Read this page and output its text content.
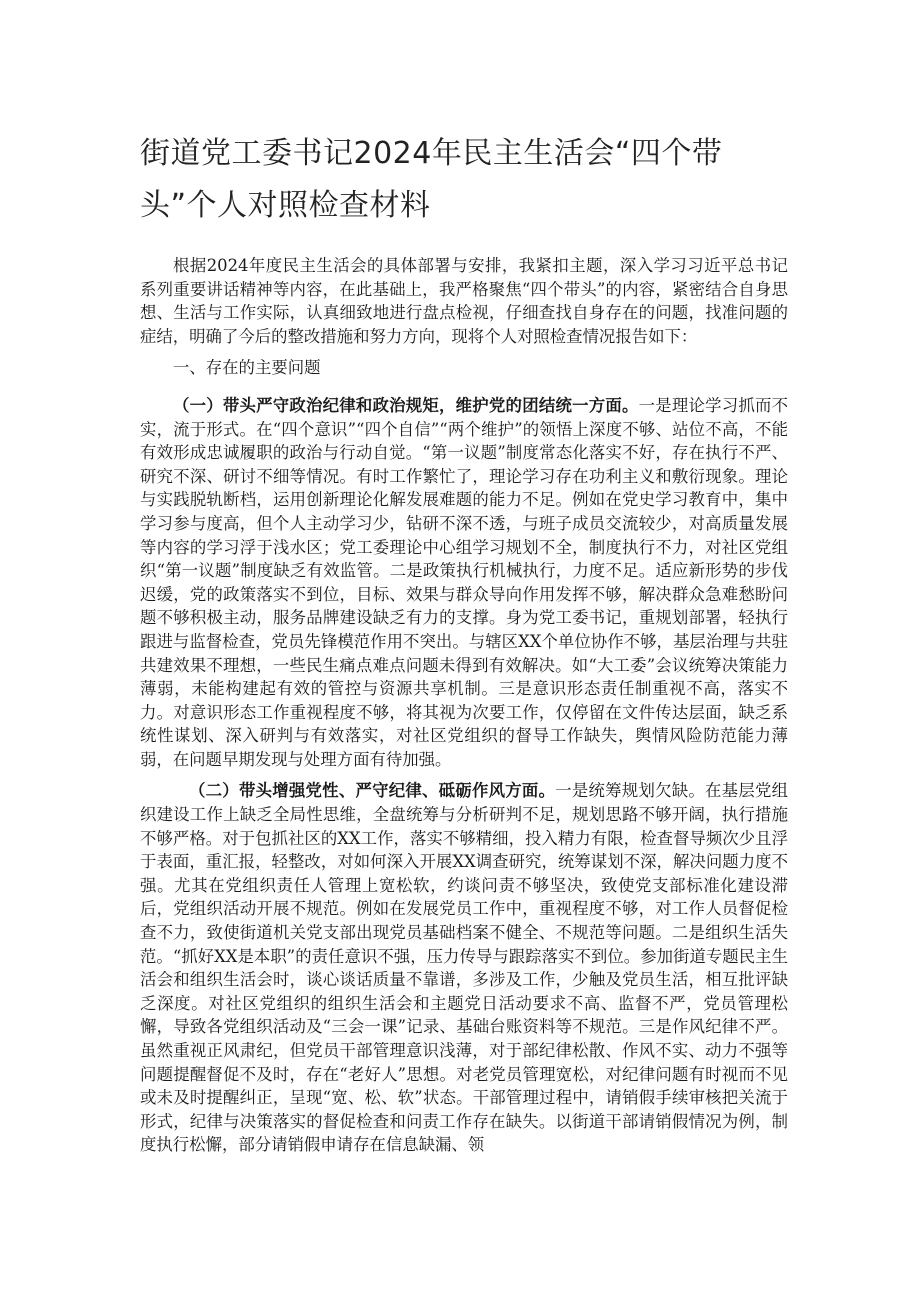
街道党工委书记2024年民主生活会“四个带头”个人对照检查材料

根据2024年度民主生活会的具体部署与安排，我紧扣主题，深入学习习近平总书记系列重要讲话精神等内容，在此基础上，我严格聚焦“四个带头”的内容，紧密结合自身思想、生活与工作实际，认真细致地进行盘点检视，仔细查找自身存在的问题，找准问题的症结，明确了今后的整改措施和努力方向，现将个人对照检查情况报告如下：

一、存在的主要问题

（一）带头严守政治纪律和政治规矩，维护党的团结统一方面。一是理论学习抓而不实，流于形式。在“四个意识”“四个自信”“两个维护”的领悟上深度不够、站位不高，不能有效形成忠诚履职的政治与行动自觉。“第一议题”制度常态化落实不好，存在执行不严、研究不深、研讨不细等情况。有时工作繁忙了，理论学习存在功利主义和敷衍现象。理论与实践脱轨断档，运用创新理论化解发展难题的能力不足。例如在党史学习教育中，集中学习参与度高，但个人主动学习少，钻研不深不透，与班子成员交流较少，对高质量发展等内容的学习浮于浅水区；党工委理论中心组学习规划不全，制度执行不力，对社区党组织“第一议题”制度缺乏有效监管。二是政策执行机械执行，力度不足。适应新形势的步伐迟缓，党的政策落实不到位，目标、效果与群众导向作用发挥不够，解决群众急难愁盼问题不够积极主动，服务品牌建设缺乏有力的支撑。身为党工委书记，重规划部署，轻执行跟进与监督检查，党员先锋模范作用不突出。与辖区XX个单位协作不够，基层治理与共驻共建效果不理想，一些民生痛点难点问题未得到有效解决。如“大工委”会议统筹决策能力薄弱，未能构建起有效的管控与资源共享机制。三是意识形态责任制重视不高，落实不力。对意识形态工作重视程度不够，将其视为次要工作，仅停留在文件传达层面，缺乏系统性谋划、深入研判与有效落实，对社区党组织的督导工作缺失，舆情风险防范能力薄弱，在问题早期发现与处理方面有待加强。

（二）带头增强党性、严守纪律、砥砺作风方面。一是统筹规划欠缺。在基层党组织建设工作上缺乏全局性思维，全盘统筹与分析研判不足，规划思路不够开阔，执行措施不够严格。对于包抓社区的XX工作，落实不够精细，投入精力有限，检查督导频次少且浮于表面，重汇报，轻整改，对如何深入开展XX调查研究，统筹谋划不深，解决问题力度不强。尤其在党组织责任人管理上宽松软，约谈问责不够坚决，致使党支部标准化建设滞后，党组织活动开展不规范。例如在发展党员工作中，重视程度不够，对工作人员督促检查不力，致使街道机关党支部出现党员基础档案不健全、不规范等问题。二是组织生活失范。“抓好XX是本职”的责任意识不强，压力传导与跟踪落实不到位。参加街道专题民主生活会和组织生活会时，谈心谈话质量不靠谱，多涉及工作，少触及党员生活，相互批评缺乏深度。对社区党组织的组织生活会和主题党日活动要求不高、监督不严，党员管理松懈，导致各党组织活动及“三会一课”记录、基础台账资料等不规范。三是作风纪律不严。虽然重视正风肃纪，但党员干部管理意识浅薄，对于部纪律松散、作风不实、动力不强等问题提醒督促不及时，存在“老好人”思想。对老党员管理宽松，对纪律问题有时视而不见或未及时提醒纠正，呈现“宽、松、软”状态。干部管理过程中，请销假手续审核把关流于形式，纪律与决策落实的督促检查和问责工作存在缺失。以街道干部请销假情况为例，制度执行松懈，部分请销假申请存在信息缺漏、领
